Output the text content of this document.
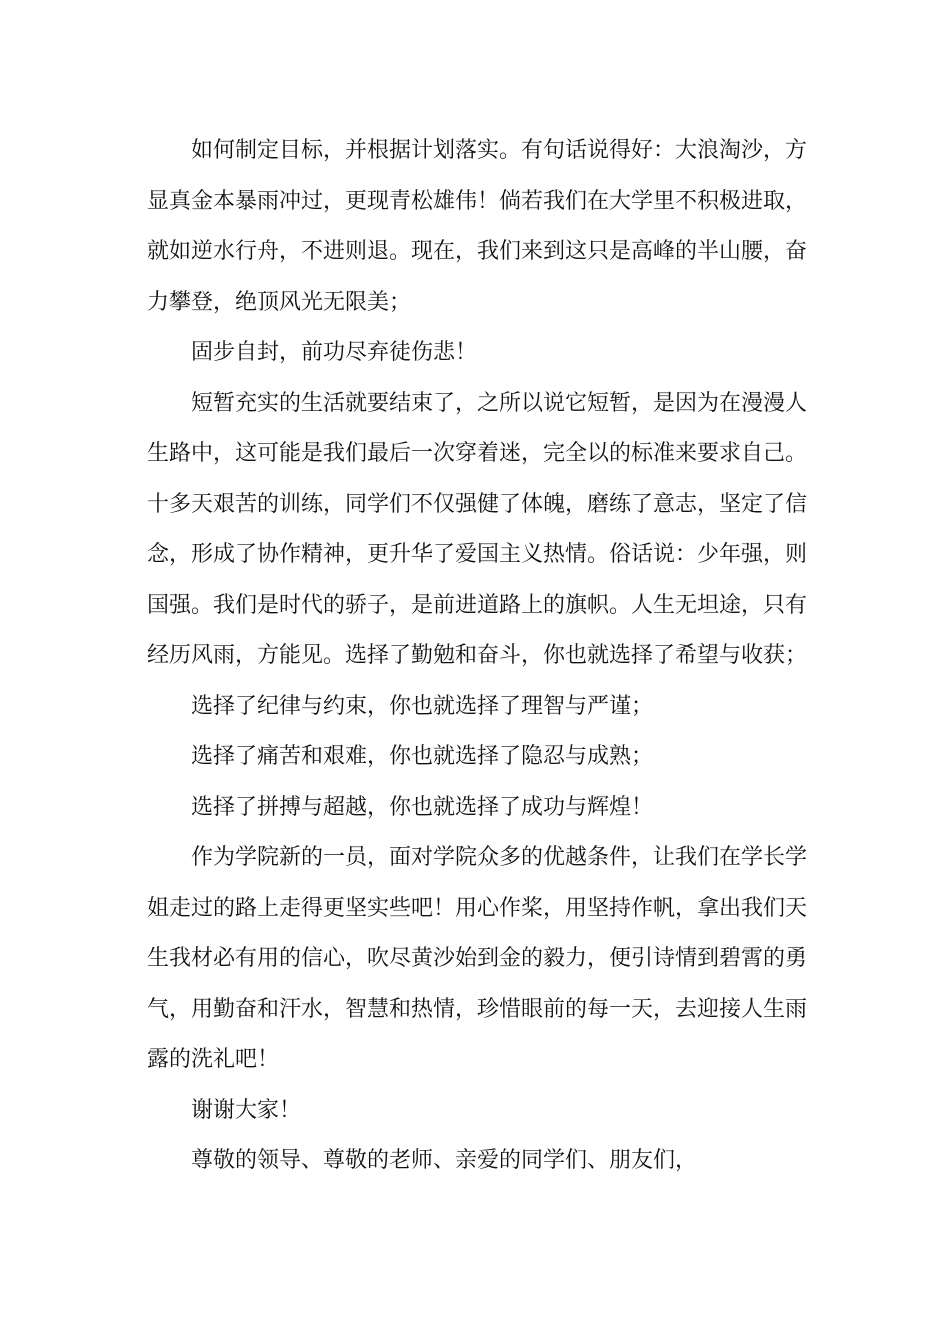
如何制定目标，并根据计划落实。有句话说得好：大浪淘沙，方显真金本暴雨冲过，更现青松雄伟！倘若我们在大学里不积极进取，就如逆水行舟，不进则退。现在，我们来到这只是高峰的半山腰，奋力攀登，绝顶风光无限美；

固步自封，前功尽弃徒伤悲！

短暂充实的生活就要结束了，之所以说它短暂，是因为在漫漫人生路中，这可能是我们最后一次穿着迷，完全以的标准来要求自己。十多天艰苦的训练，同学们不仅强健了体魄，磨练了意志，坚定了信念，形成了协作精神，更升华了爱国主义热情。俗话说：少年强，则国强。我们是时代的骄子，是前进道路上的旗帜。人生无坦途，只有经历风雨，方能见。选择了勤勉和奋斗，你也就选择了希望与收获；

选择了纪律与约束，你也就选择了理智与严谨；

选择了痛苦和艰难，你也就选择了隐忍与成熟；

选择了拼搏与超越，你也就选择了成功与辉煌！

作为学院新的一员，面对学院众多的优越条件，让我们在学长学姐走过的路上走得更坚实些吧！用心作桨，用坚持作帆，拿出我们天生我材必有用的信心，吹尽黄沙始到金的毅力，便引诗情到碧霄的勇气，用勤奋和汗水，智慧和热情，珍惜眼前的每一天，去迎接人生雨露的洗礼吧！

谢谢大家！

尊敬的领导、尊敬的老师、亲爱的同学们、朋友们，
